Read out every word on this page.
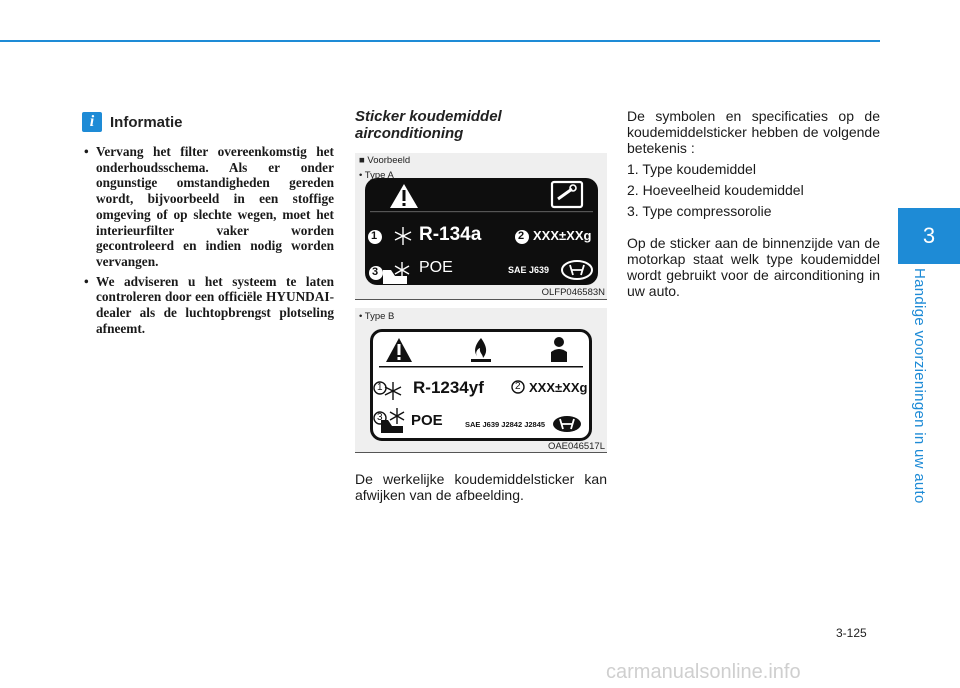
3
Handige voorzieningen in uw auto
i	Informatie
• Vervang het filter overeenkomstig het onderhoudsschema. Als er onder ongunstige omstandigheden gereden wordt, bijvoorbeeld in een stoffige omgeving of op slechte wegen, moet het interieurfilter vaker worden gecontroleerd en indien nodig worden vervangen.
• We adviseren u het systeem te laten controleren door een officiële HYUNDAI-dealer als de luchtopbrengst plotseling afneemt.
Sticker koudemiddel airconditioning
■ Voorbeeld
1	2
3
R-134a	XXX±XXg
POE	SAE J639
• Type A
OLFP046583N
• Type B
1	2
3
R-1234yf	XXX±XXg
POE	SAE J639 J2842 J2845
OAE046517L
De werkelijke koudemiddelsticker kan afwijken van de afbeelding.

De symbolen en specificaties op de koudemiddelsticker hebben de volgende betekenis :

1. Type koudemiddel

2. Hoeveelheid koudemiddel

3. Type compressorolie

Op de sticker aan de binnenzijde van de motorkap staat welk type koudemiddel wordt gebruikt voor de airconditioning in uw auto.

3-125
carmanualsonline.info
